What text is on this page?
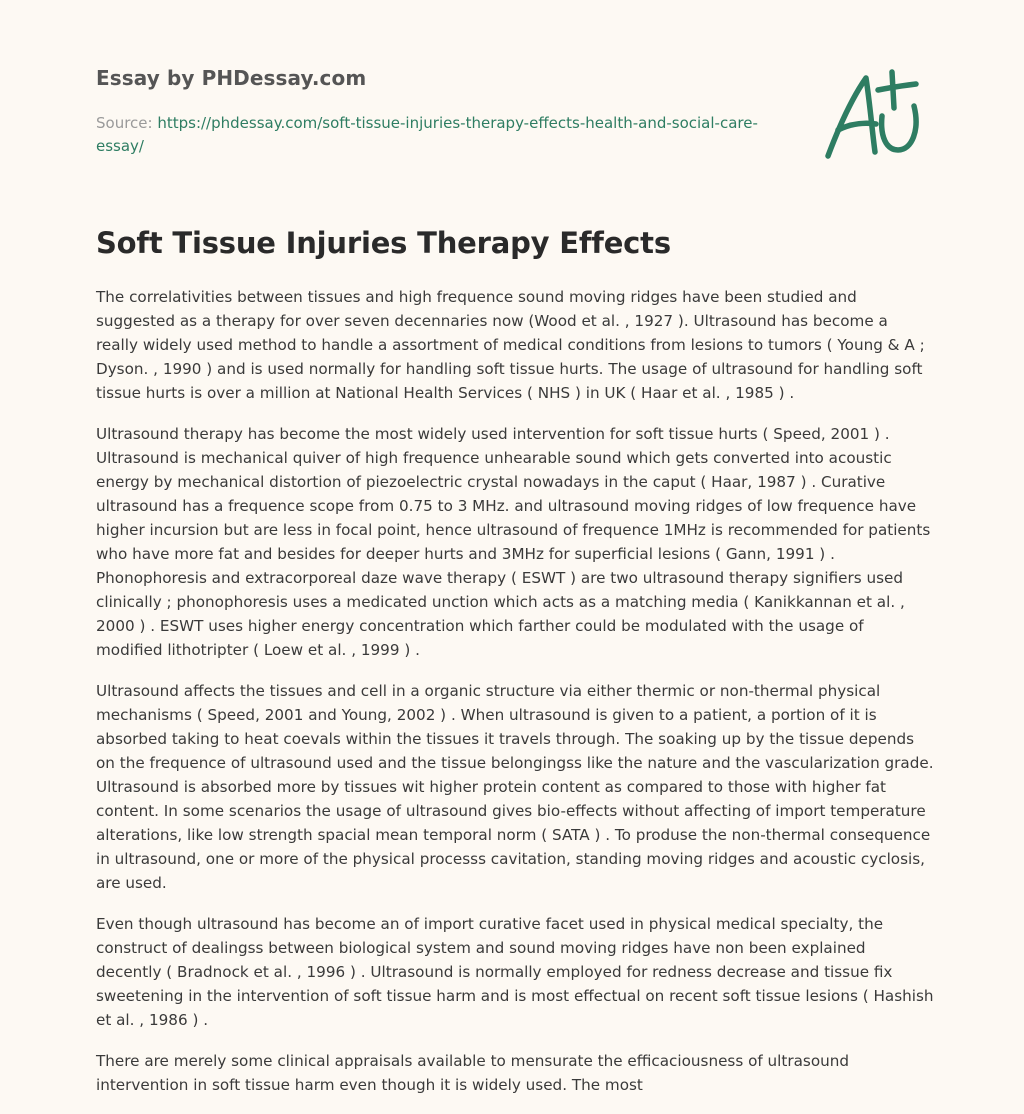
Essay by PHDessay.com
Source: https://phdessay.com/soft-tissue-injuries-therapy-effects-health-and-social-care-essay/
Soft Tissue Injuries Therapy Effects

The correlativities between tissues and high frequence sound moving ridges have been studied and suggested as a therapy for over seven decennaries now (Wood et al. , 1927 ). Ultrasound has become a really widely used method to handle a assortment of medical conditions from lesions to tumors ( Young & A ; Dyson. , 1990 ) and is used normally for handling soft tissue hurts. The usage of ultrasound for handling soft tissue hurts is over a million at National Health Services ( NHS ) in UK ( Haar et al. , 1985 ) .

Ultrasound therapy has become the most widely used intervention for soft tissue hurts ( Speed, 2001 ) . Ultrasound is mechanical quiver of high frequence unhearable sound which gets converted into acoustic energy by mechanical distortion of piezoelectric crystal nowadays in the caput ( Haar, 1987 ) . Curative ultrasound has a frequence scope from 0.75 to 3 MHz. and ultrasound moving ridges of low frequence have higher incursion but are less in focal point, hence ultrasound of frequence 1MHz is recommended for patients who have more fat and besides for deeper hurts and 3MHz for superficial lesions ( Gann, 1991 ) . Phonophoresis and extracorporeal daze wave therapy ( ESWT ) are two ultrasound therapy signifiers used clinically ; phonophoresis uses a medicated unction which acts as a matching media ( Kanikkannan et al. , 2000 ) . ESWT uses higher energy concentration which farther could be modulated with the usage of modified lithotripter ( Loew et al. , 1999 ) .

Ultrasound affects the tissues and cell in a organic structure via either thermic or non-thermal physical mechanisms ( Speed, 2001 and Young, 2002 ) . When ultrasound is given to a patient, a portion of it is absorbed taking to heat coevals within the tissues it travels through. The soaking up by the tissue depends on the frequence of ultrasound used and the tissue belongingss like the nature and the vascularization grade. Ultrasound is absorbed more by tissues wit higher protein content as compared to those with higher fat content. In some scenarios the usage of ultrasound gives bio-effects without affecting of import temperature alterations, like low strength spacial mean temporal norm ( SATA ) . To produse the non-thermal consequence in ultrasound, one or more of the physical processs cavitation, standing moving ridges and acoustic cyclosis, are used.

Even though ultrasound has become an of import curative facet used in physical medical specialty, the construct of dealingss between biological system and sound moving ridges have non been explained decently ( Bradnock et al. , 1996 ) . Ultrasound is normally employed for redness decrease and tissue fix sweetening in the intervention of soft tissue harm and is most effectual on recent soft tissue lesions ( Hashish et al. , 1986 ) .

There are merely some clinical appraisals available to mensurate the efficaciousness of ultrasound intervention in soft tissue harm even though it is widely used. The most
